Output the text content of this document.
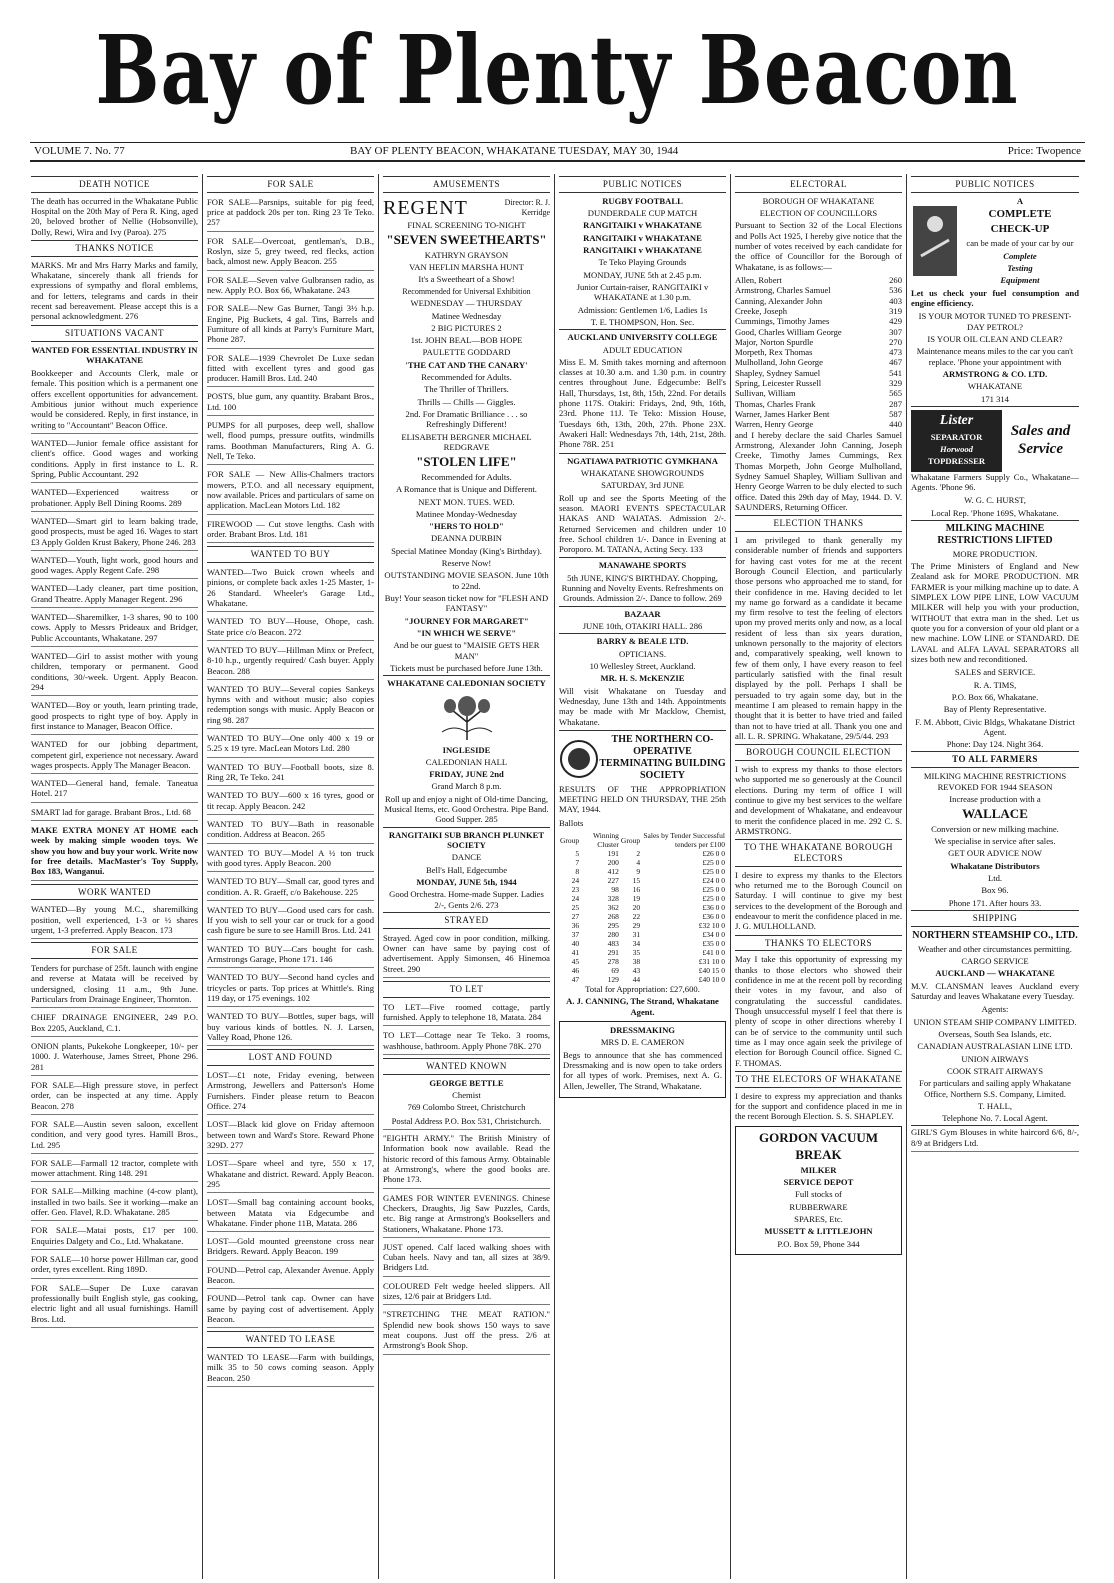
Bay of Plenty Beacon
VOLUME 7. No. 77	BAY OF PLENTY BEACON, WHAKATANE TUESDAY, MAY 30, 1944	Price: Twopence
DEATH NOTICE

The death has occurred in the Whakatane Public Hospital on the 20th May of Pera R. King, aged 20, beloved brother of Nellie (Hobsonville), Dolly, Rewi, Wira and Ivy (Paroa). 275

THANKS NOTICE

MARKS. Mr and Mrs Harry Marks and family, Whakatane, sincerely thank all friends for expressions of sympathy and floral emblems, and for letters, telegrams and cards in their recent sad bereavement. Please accept this is a personal acknowledgment. 276

SITUATIONS VACANT

WANTED FOR ESSENTIAL INDUSTRY IN WHAKATANE

Bookkeeper and Accounts Clerk, male or female. This position which is a permanent one offers excellent opportunities for advancement. Ambitious junior without much experience would be considered. Reply, in first instance, in writing to "Accountant" Beacon Office.
WANTED—Junior female office assistant for client's office. Good wages and working conditions. Apply in first instance to L. R. Spring, Public Accountant. 292
WANTED—Experienced waitress or probationer. Apply Bell Dining Rooms. 289
WANTED—Smart girl to learn baking trade, good prospects, must be aged 16. Wages to start £3 Apply Golden Krust Bakery, Phone 246. 283
WANTED—Youth, light work, good hours and good wages. Apply Regent Cafe. 298
WANTED—Lady cleaner, part time position, Grand Theatre. Apply Manager Regent. 296
WANTED—Sharemilker, 1-3 shares, 90 to 100 cows. Apply to Messrs Prideaux and Bridger, Public Accountants, Whakatane. 297
WANTED—Girl to assist mother with young children, temporary or permanent. Good conditions, 30/-week. Urgent. Apply Beacon. 294
WANTED—Boy or youth, learn printing trade, good prospects to right type of boy. Apply in first instance to Manager, Beacon Office.
WANTED for our jobbing department, competent girl, experience not necessary. Award wages prospects. Apply The Manager Beacon.
WANTED—General hand, female. Taneatua Hotel. 217
SMART lad for garage. Brabant Bros., Ltd. 68
MAKE EXTRA MONEY AT HOME each week by making simple wooden toys. We show you how and buy your work. Write now for free details. MacMaster's Toy Supply, Box 183, Wanganui.
WORK WANTED
WANTED—By young M.C., sharemilking position, well experienced, 1-3 or ½ shares urgent, 1-3 preferred. Apply Beacon. 173
FOR SALE
Tenders for purchase of 25ft. launch with engine and reverse at Matata will be received by undersigned, closing 11 a.m., 9th June. Particulars from Drainage Engineer, Thornton.
CHIEF DRAINAGE ENGINEER, 249 P.O. Box 2205, Auckland, C.1.
ONION plants, Pukekohe Longkeeper, 10/- per 1000. J. Waterhouse, James Street, Phone 296. 281
FOR SALE—High pressure stove, in perfect order, can be inspected at any time. Apply Beacon. 278
FOR SALE—Austin seven saloon, excellent condition, and very good tyres. Hamill Bros., Ltd. 295
FOR SALE—Farmall 12 tractor, complete with mower attachment. Ring 148. 291
FOR SALE—Milking machine (4-cow plant), installed in two bails. See it working—make an offer. Geo. Flavel, R.D. Whakatane. 285
FOR SALE—Matai posts, £17 per 100. Enquiries Dalgety and Co., Ltd. Whakatane.
FOR SALE—10 horse power Hillman car, good order, tyres excellent. Ring 189D.
FOR SALE—Super De Luxe caravan professionally built English style, gas cooking, electric light and all usual furnishings. Hamill Bros. Ltd.
FOR SALE
FOR SALE—Parsnips, suitable for pig feed, price at paddock 20s per ton. Ring 23 Te Teko. 257
FOR SALE—Overcoat, gentleman's, D.B., Roslyn, size 5, grey tweed, red flecks, action back, almost new. Apply Beacon. 255
FOR SALE—Seven valve Gulbransen radio, as new. Apply P.O. Box 66, Whakatane. 243
FOR SALE—New Gas Burner, Tangi 3½ h.p. Engine, Pig Buckets, 4 gal. Tins, Barrels and Furniture of all kinds at Parry's Furniture Mart, Phone 287.
FOR SALE—1939 Chevrolet De Luxe sedan fitted with excellent tyres and good gas producer. Hamill Bros. Ltd. 240
POSTS, blue gum, any quantity. Brabant Bros., Ltd. 100
PUMPS for all purposes, deep well, shallow well, flood pumps, pressure outfits, windmills rams. Boothman Manufacturers, Ring A. G. Nell, Te Teko.
FOR SALE — New Allis-Chalmers tractors mowers, P.T.O. and all necessary equipment, now available. Prices and particulars of same on application. MacLean Motors Ltd. 182
FIREWOOD — Cut stove lengths. Cash with order. Brabant Bros. Ltd. 181
WANTED TO BUY
WANTED—Two Buick crown wheels and pinions, or complete back axles 1-25 Master, 1-26 Standard. Wheeler's Garage Ltd., Whakatane.
WANTED TO BUY—House, Ohope, cash. State price c/o Beacon. 272
WANTED TO BUY—Hillman Minx or Prefect, 8-10 h.p., urgently required/ Cash buyer. Apply Beacon. 288
WANTED TO BUY—Several copies Sankeys hymns with and without music; also copies redemption songs with music. Apply Beacon or ring 98. 287
WANTED TO BUY—One only 400 x 19 or 5.25 x 19 tyre. MacLean Motors Ltd. 280
WANTED TO BUY—Football boots, size 8. Ring 2R, Te Teko. 241
WANTED TO BUY—600 x 16 tyres, good or tit recap. Apply Beacon. 242
WANTED TO BUY—Bath in reasonable condition. Address at Beacon. 265
WANTED TO BUY—Model A ½ ton truck with good tyres. Apply Beacon. 200
WANTED TO BUY—Small car, good tyres and condition. A. R. Graeff, c/o Bakehouse. 225
WANTED TO BUY—Good used cars for cash. If you wish to sell your car or truck for a good cash figure be sure to see Hamill Bros. Ltd. 241
WANTED TO BUY—Cars bought for cash. Armstrongs Garage, Phone 171. 146
WANTED TO BUY—Second hand cycles and tricycles or parts. Top prices at Whittle's. Ring 119 day, or 175 evenings. 102
WANTED TO BUY—Bottles, super bags, will buy various kinds of bottles. N. J. Larsen, Valley Road, Phone 126.
LOST AND FOUND
LOST—£1 note, Friday evening, between Armstrong, Jewellers and Patterson's Home Furnishers. Finder please return to Beacon Office. 274
LOST—Black kid glove on Friday afternoon between town and Ward's Store. Reward Phone 329D. 277
LOST—Spare wheel and tyre, 550 x 17, Whakatane and district. Reward. Apply Beacon. 295
LOST—Small bag containing account books, between Matata via Edgecumbe and Whakatane. Finder phone 11B, Matata. 286
LOST—Gold mounted greenstone cross near Bridgers. Reward. Apply Beacon. 199
FOUND—Petrol cap, Alexander Avenue. Apply Beacon.
FOUND—Petrol tank cap. Owner can have same by paying cost of advertisement. Apply Beacon.
WANTED TO LEASE
WANTED TO LEASE—Farm with buildings, milk 35 to 50 cows coming season. Apply Beacon. 250
AMUSEMENTS
REGENT	Director: R. J. Kerridge

FINAL SCREENING TO-NIGHT

"SEVEN SWEETHEARTS"

KATHRYN GRAYSON

VAN HEFLIN MARSHA HUNT

It's a Sweetheart of a Show!

Recommended for Universal Exhibition

WEDNESDAY — THURSDAY

Matinee Wednesday

2 BIG PICTURES 2

1st. JOHN BEAL—BOB HOPE

PAULETTE GODDARD

'THE CAT AND THE CANARY'

Recommended for Adults.

The Thriller of Thrillers.

Thrills — Chills — Giggles.

2nd. For Dramatic Brilliance . . . so Refreshingly Different!

ELISABETH BERGNER MICHAEL REDGRAVE

"STOLEN LIFE"

Recommended for Adults.

A Romance that is Unique and Different.

NEXT MON. TUES. WED.

Matinee Monday-Wednesday

"HERS TO HOLD"

DEANNA DURBIN

Special Matinee Monday (King's Birthday).

Reserve Now!

OUTSTANDING MOVIE SEASON. June 10th to 22nd.

Buy! Your season ticket now for "FLESH AND FANTASY"

"JOURNEY FOR MARGARET"

"IN WHICH WE SERVE"

And be our guest to "MAISIE GETS HER MAN"

Tickets must be purchased before June 13th.

WHAKATANE CALEDONIAN SOCIETY

INGLESIDE

CALEDONIAN HALL

FRIDAY, JUNE 2nd

Grand March 8 p.m.

Roll up and enjoy a night of Old-time Dancing, Musical Items, etc. Good Orchestra. Pipe Band. Good Supper. 285

RANGITAIKI SUB BRANCH PLUNKET SOCIETY

DANCE

Bell's Hall, Edgecumbe

MONDAY, JUNE 5th, 1944

Good Orchestra. Home-made Supper. Ladies 2/-, Gents 2/6. 273

STRAYED
Strayed. Aged cow in poor condition, milking. Owner can have same by paying cost of advertisement. Apply Simonsen, 46 Hinemoa Street. 290
TO LET
TO LET—Five roomed cottage, partly furnished. Apply to telephone 18, Matata. 284
TO LET—Cottage near Te Teko. 3 rooms, washhouse, bathroom. Apply Phone 78K. 270
WANTED KNOWN

GEORGE BETTLE

Chemist

769 Colombo Street, Christchurch

Postal Address P.O. Box 531, Christchurch.
"EIGHTH ARMY." The British Ministry of Information book now available. Read the historic record of this famous Army. Obtainable at Armstrong's, where the good books are. Phone 173.
GAMES FOR WINTER EVENINGS. Chinese Checkers, Draughts, Jig Saw Puzzles, Cards, etc. Big range at Armstrong's Booksellers and Stationers, Whakatane. Phone 173.
JUST opened. Calf laced walking shoes with Cuban heels. Navy and tan, all sizes at 38/9. Bridgers Ltd.
COLOURED Felt wedge heeled slippers. All sizes, 12/6 pair at Bridgers Ltd.
"STRETCHING THE MEAT RATION." Splendid new book shows 150 ways to save meat coupons. Just off the press. 2/6 at Armstrong's Book Shop.
PUBLIC NOTICES

RUGBY FOOTBALL

DUNDERDALE CUP MATCH

RANGITAIKI v WHAKATANE

RANGITAIKI v WHAKATANE

RANGITAIKI v WHAKATANE

Te Teko Playing Grounds

MONDAY, JUNE 5th at 2.45 p.m.

Junior Curtain-raiser, RANGITAIKI v WHAKATANE at 1.30 p.m.

Admission: Gentlemen 1/6, Ladies 1s

T. E. THOMPSON, Hon. Sec.

AUCKLAND UNIVERSITY COLLEGE

ADULT EDUCATION

Miss E. M. Smith takes morning and afternoon classes at 10.30 a.m. and 1.30 p.m. in country centres throughout June. Edgecumbe: Bell's Hall, Thursdays, 1st, 8th, 15th, 22nd. For details phone 117S. Otakiri: Fridays, 2nd, 9th, 16th, 23rd. Phone 11J. Te Teko: Mission House, Tuesdays 6th, 13th, 20th, 27th. Phone 23X. Awakeri Hall: Wednesdays 7th, 14th, 21st, 28th. Phone 78R. 251

NGATIAWA PATRIOTIC GYMKHANA

WHAKATANE SHOWGROUNDS

SATURDAY, 3rd JUNE

Roll up and see the Sports Meeting of the season. MAORI EVENTS SPECTACULAR HAKAS AND WAIATAS. Admission 2/-. Returned Servicemen and children under 10 free. School children 1/-. Dance in Evening at Poroporo. M. TATANA, Acting Secy. 133

MANAWAHE SPORTS

5th JUNE, KING'S BIRTHDAY. Chopping, Running and Novelty Events. Refreshments on Grounds. Admission 2/-. Dance to follow. 269

BAZAAR

JUNE 10th, OTAKIRI HALL. 286

BARRY & BEALE LTD.

OPTICIANS.

10 Wellesley Street, Auckland.

MR. H. S. McKENZIE

Will visit Whakatane on Tuesday and Wednesday, June 13th and 14th. Appointments may be made with Mr Macklow, Chemist, Whakatane.

THE NORTHERN CO-OPERATIVE TERMINATING BUILDING SOCIETY

RESULTS OF THE APPROPRIATION MEETING HELD ON THURSDAY, THE 25th MAY, 1944.

Ballots

Group	Winning Cluster	Group	Sales by Tender Successful tenders per £100
5	191	2	£26 0 0
7	200	4	£25 0 0
8	412	9	£25 0 0
24	227	15	£24 0 0
23	98	16	£25 0 0
24	328	19	£25 0 0
25	362	20	£36 0 0
27	268	22	£36 0 0
36	295	29	£32 10 0
37	280	31	£34 0 0
40	483	34	£35 0 0
41	291	35	£41 0 0
45	278	38	£31 10 0
46	69	43	£40 15 0
47	129	44	£40 10 0

Total for Appropriation: £27,600.

A. J. CANNING, The Strand, Whakatane Agent.

DRESSMAKING

MRS D. E. CAMERON

Begs to announce that she has commenced Dressmaking and is now open to take orders for all types of work. Premises, next A. G. Allen, Jeweller, The Strand, Whakatane.

ELECTORAL

BOROUGH OF WHAKATANE

ELECTION OF COUNCILLORS

Pursuant to Section 32 of the Local Elections and Polls Act 1925, I hereby give notice that the number of votes received by each candidate for the office of Councillor for the Borough of Whakatane, is as follows:—

Allen, Robert	260
Armstrong, Charles Samuel	536
Canning, Alexander John	403
Creeke, Joseph	319
Cummings, Timothy James	429
Good, Charles William George	307
Major, Norton Spurdle	270
Morpeth, Rex Thomas	473
Mulholland, John George	467
Shapley, Sydney Samuel	541
Spring, Leicester Russell	329
Sullivan, William	565
Thomas, Charles Frank	287
Warner, James Harker Bent	587
Warren, Henry George	440

and I hereby declare the said Charles Samuel Armstrong, Alexander John Canning, Joseph Creeke, Timothy James Cummings, Rex Thomas Morpeth, John George Mulholland, Sydney Samuel Shapley, William Sullivan and Henry George Warren to be duly elected to such office. Dated this 29th day of May, 1944. D. V. SAUNDERS, Returning Officer.

ELECTION THANKS

I am privileged to thank generally my considerable number of friends and supporters for having cast votes for me at the recent Borough Council Election, and particularly those persons who approached me to stand, for their confidence in me. Having decided to let my name go forward as a candidate it became my firm resolve to test the feeling of electors upon my proved merits only and now, as a local resident of less than six years duration, unknown personally to the majority of electors and, comparatively speaking, well known to few of them only, I have every reason to feel particularly satisfied with the final result displayed by the poll. Perhaps I shall be persuaded to try again some day, but in the meantime I am pleased to remain happy in the thought that it is better to have tried and failed than not to have tried at all. Thank you one and all. L. R. SPRING. Whakatane, 29/5/44. 293

BOROUGH COUNCIL ELECTION

I wish to express my thanks to those electors who supported me so generously at the Council elections. During my term of office I will continue to give my best services to the welfare and development of Whakatane, and endeavour to merit the confidence placed in me. 292 C. S. ARMSTRONG.

TO THE WHAKATANE BOROUGH ELECTORS

I desire to express my thanks to the Electors who returned me to the Borough Council on Saturday. I will continue to give my best services to the development of the Borough and endeavour to merit the confidence placed in me. J. G. MULHOLLAND.

THANKS TO ELECTORS

May I take this opportunity of expressing my thanks to those electors who showed their confidence in me at the recent poll by recording their votes in my favour, and also of congratulating the successful candidates. Though unsuccessful myself I feel that there is plenty of scope in other directions whereby I can be of service to the community until such time as I may once again seek the privilege of election for Borough Council office. Signed C. F. THOMAS.

TO THE ELECTORS OF WHAKATANE

I desire to express my appreciation and thanks for the support and confidence placed in me in the recent Borough Election. S. S. SHAPLEY.

GORDON VACUUM

BREAK

MILKER

SERVICE DEPOT

Full stocks of

RUBBERWARE

SPARES, Etc.

MUSSETT & LITTLEJOHN

P.O. Box 59, Phone 344

PUBLIC NOTICES

A

COMPLETE

CHECK-UP

can be made of your car by our

Complete

Testing

Equipment

Let us check your fuel consumption and engine efficiency.

IS YOUR MOTOR TUNED TO PRESENT-DAY PETROL?

IS YOUR OIL CLEAN AND CLEAR?

Maintenance means miles to the car you can't replace. 'Phone your appointment with

ARMSTRONG & CO. LTD.

WHAKATANE

171 314

Lister

SEPARATOR

Horwood

TOPDRESSER

Sales and Service

Whakatane Farmers Supply Co., Whakatane—Agents. 'Phone 96.

W. G. C. HURST,

Local Rep. 'Phone 169S, Whakatane.

MILKING MACHINE RESTRICTIONS LIFTED

MORE PRODUCTION.

The Prime Ministers of England and New Zealand ask for MORE PRODUCTION. MR FARMER is your milking machine up to date. A SIMPLEX LOW PIPE LINE, LOW VACUUM MILKER will help you with your production, WITHOUT that extra man in the shed. Let us quote you for a conversion of your old plant or a new machine. LOW LINE or STANDARD. DE LAVAL and ALFA LAVAL SEPARATORS all sizes both new and reconditioned.

SALES and SERVICE.

R. A. TIMS,

P.O. Box 66, Whakatane.

Bay of Plenty Representative.

F. M. Abbott, Civic Bldgs, Whakatane District Agent.

Phone: Day 124. Night 364.

TO ALL FARMERS

MILKING MACHINE RESTRICTIONS REVOKED FOR 1944 SEASON

Increase production with a

WALLACE

Conversion or new milking machine.

We specialise in service after sales.

GET OUR ADVICE NOW

Whakatane Distributors

Ltd.

Box 96.

Phone 171. After hours 33.

SHIPPING

NORTHERN STEAMSHIP CO., LTD.

Weather and other circumstances permitting.

CARGO SERVICE

AUCKLAND — WHAKATANE

M.V. CLANSMAN leaves Auckland every Saturday and leaves Whakatane every Tuesday.

Agents:

UNION STEAM SHIP COMPANY LIMITED.

Overseas, South Sea Islands, etc.

CANADIAN AUSTRALASIAN LINE LTD.

UNION AIRWAYS

COOK STRAIT AIRWAYS

For particulars and sailing apply Whakatane Office, Northern S.S. Company, Limited.

T. HALL,

Telephone No. 7. Local Agent.

GIRL'S Gym Blouses in white haircord 6/6, 8/-, 8/9 at Bridgers Ltd.
